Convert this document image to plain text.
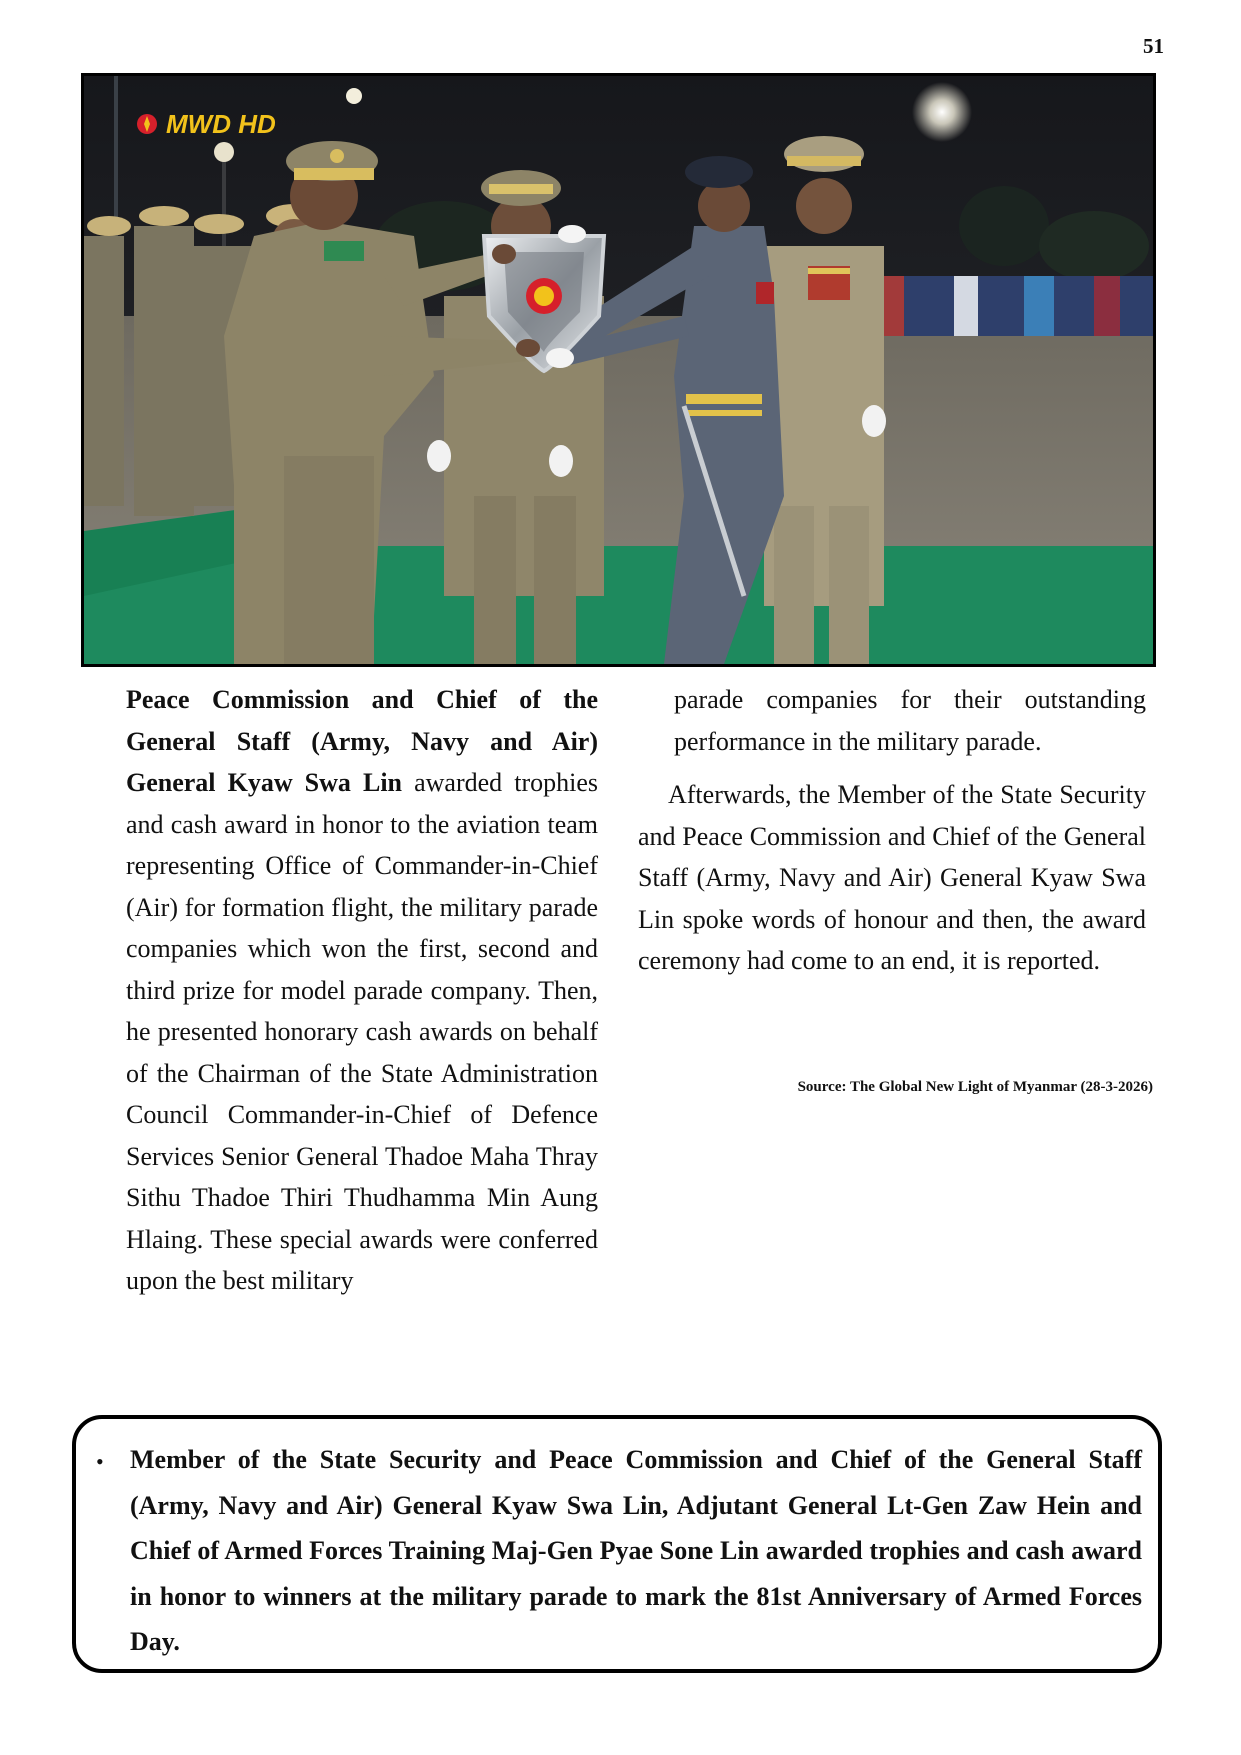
51
MWD HD

Peace Commission and Chief of the General Staff (Army, Navy and Air) General Kyaw Swa Lin awarded trophies and cash award in honor to the aviation team representing Office of Commander-in-Chief (Air) for formation flight, the military parade companies which won the first, second and third prize for model parade company. Then, he presented honorary cash awards on behalf of the Chairman of the State Administration Council Commander-in-Chief of Defence Services Senior General Thadoe Maha Thray Sithu Thadoe Thiri Thudhamma Min Aung Hlaing. These special awards were conferred upon the best military

parade companies for their outstanding performance in the military parade.

Afterwards, the Member of the State Security and Peace Commission and Chief of the General Staff (Army, Navy and Air) General Kyaw Swa Lin spoke words of honour and then, the award ceremony had come to an end, it is reported.

Source: The Global New Light of Myanmar (28-3-2026)
• Member of the State Security and Peace Commission and Chief of the General Staff (Army, Navy and Air) General Kyaw Swa Lin, Adjutant General Lt-Gen Zaw Hein and Chief of Armed Forces Training Maj-Gen Pyae Sone Lin awarded trophies and cash award in honor to winners at the military parade to mark the 81st Anniversary of Armed Forces Day.
